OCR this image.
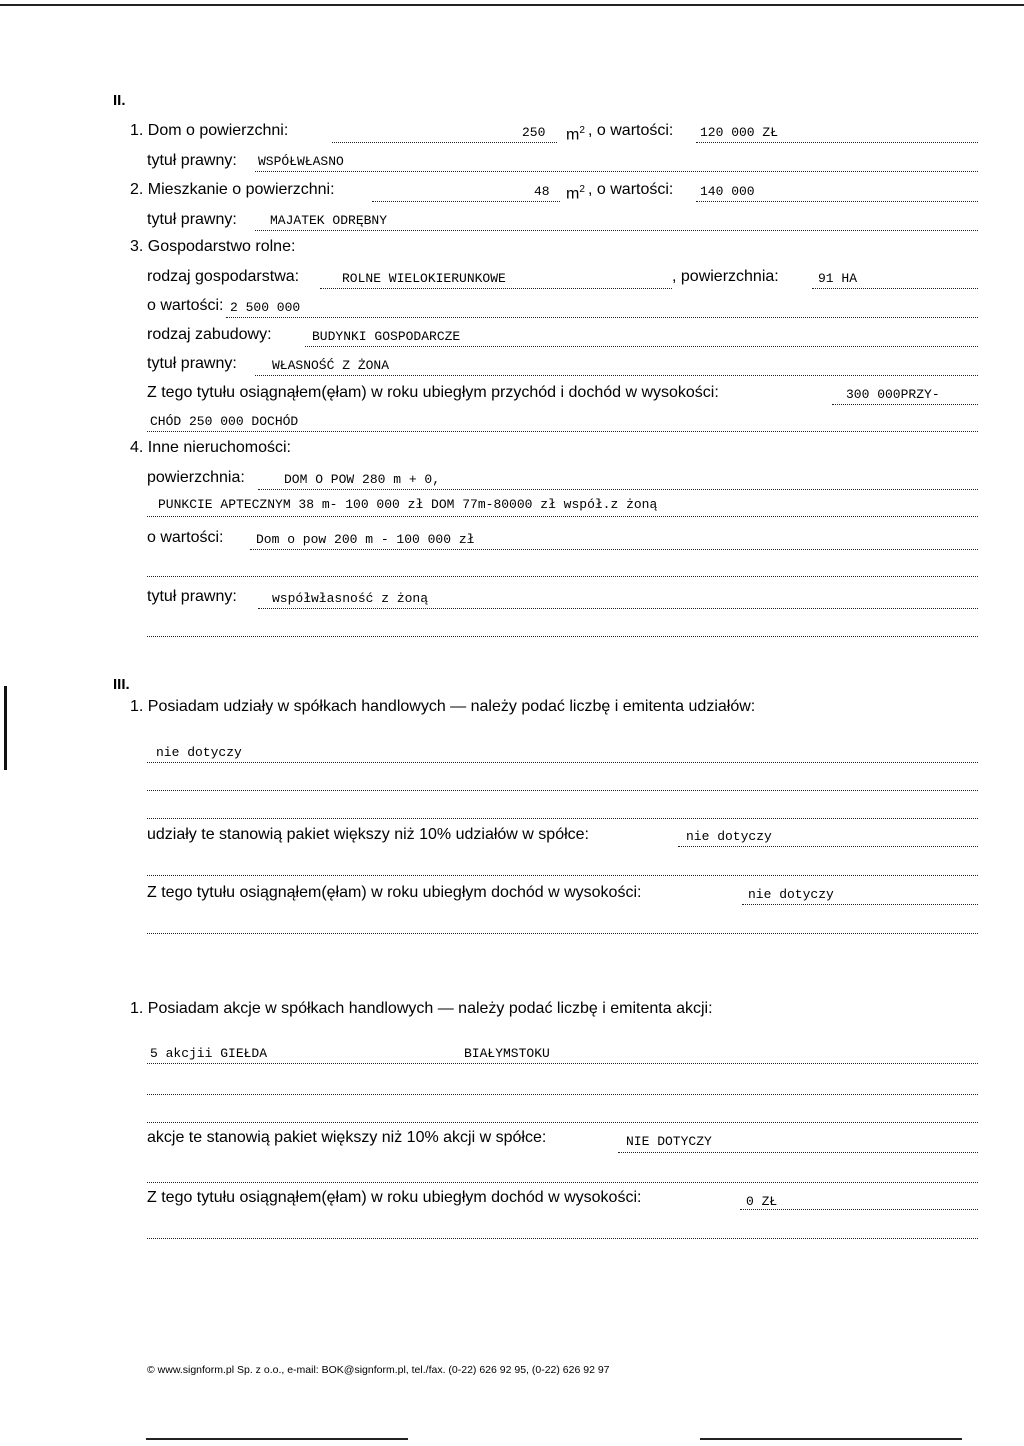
II.
1. Dom o powierzchni:	250 $m^2$ , o wartości: 120 000 ZŁ
tytuł prawny: WSPÓŁWŁASNO
2. Mieszkanie o powierzchni:	48 $m^2$ , o wartości: 140 000
tytuł prawny:	MAJATEK ODRĘBNY
3. Gospodarstwo rolne:
rodzaj gospodarstwa:	ROLNE WIELOKIERUNKOWE	, powierzchnia:	91 HA
o wartości: 2 500 000
rodzaj zabudowy:	BUDYNKI GOSPODARCZE
tytuł prawny:	WŁASNOŚĆ Z ŻONA
Z tego tytułu osiągnąłem(ęłam) w roku ubiegłym przychód i dochód w wysokości:	300 000PRZY-
CHÓD 250 000 DOCHÓD
4. Inne nieruchomości:
powierzchnia:	DOM O POW 280 m + 0,
PUNKCIE APTECZNYM 38 m- 100 000 zł DOM 77m-80000 zł współ.z żoną
o wartości:	Dom o pow 200 m - 100 000 zł
tytuł prawny:	współwłasność z żoną
III.
1. Posiadam udziały w spółkach handlowych — należy podać liczbę i emitenta udziałów:
nie dotyczy
udziały te stanowią pakiet większy niż 10% udziałów w spółce:	nie dotyczy
Z tego tytułu osiągnąłem(ęłam) w roku ubiegłym dochód w wysokości:	nie dotyczy
1. Posiadam akcje w spółkach handlowych — należy podać liczbę i emitenta akcji:
5 akcjii GIEŁDA	BIAŁYMSTOKU
akcje te stanowią pakiet większy niż 10% akcji w spółce:	NIE DOTYCZY
Z tego tytułu osiągnąłem(ęłam) w roku ubiegłym dochód w wysokości:	0 ZŁ
© www.signform.pl Sp. z o.o., e-mail: BOK@signform.pl, tel./fax. (0-22) 626 92 95, (0-22) 626 92 97
